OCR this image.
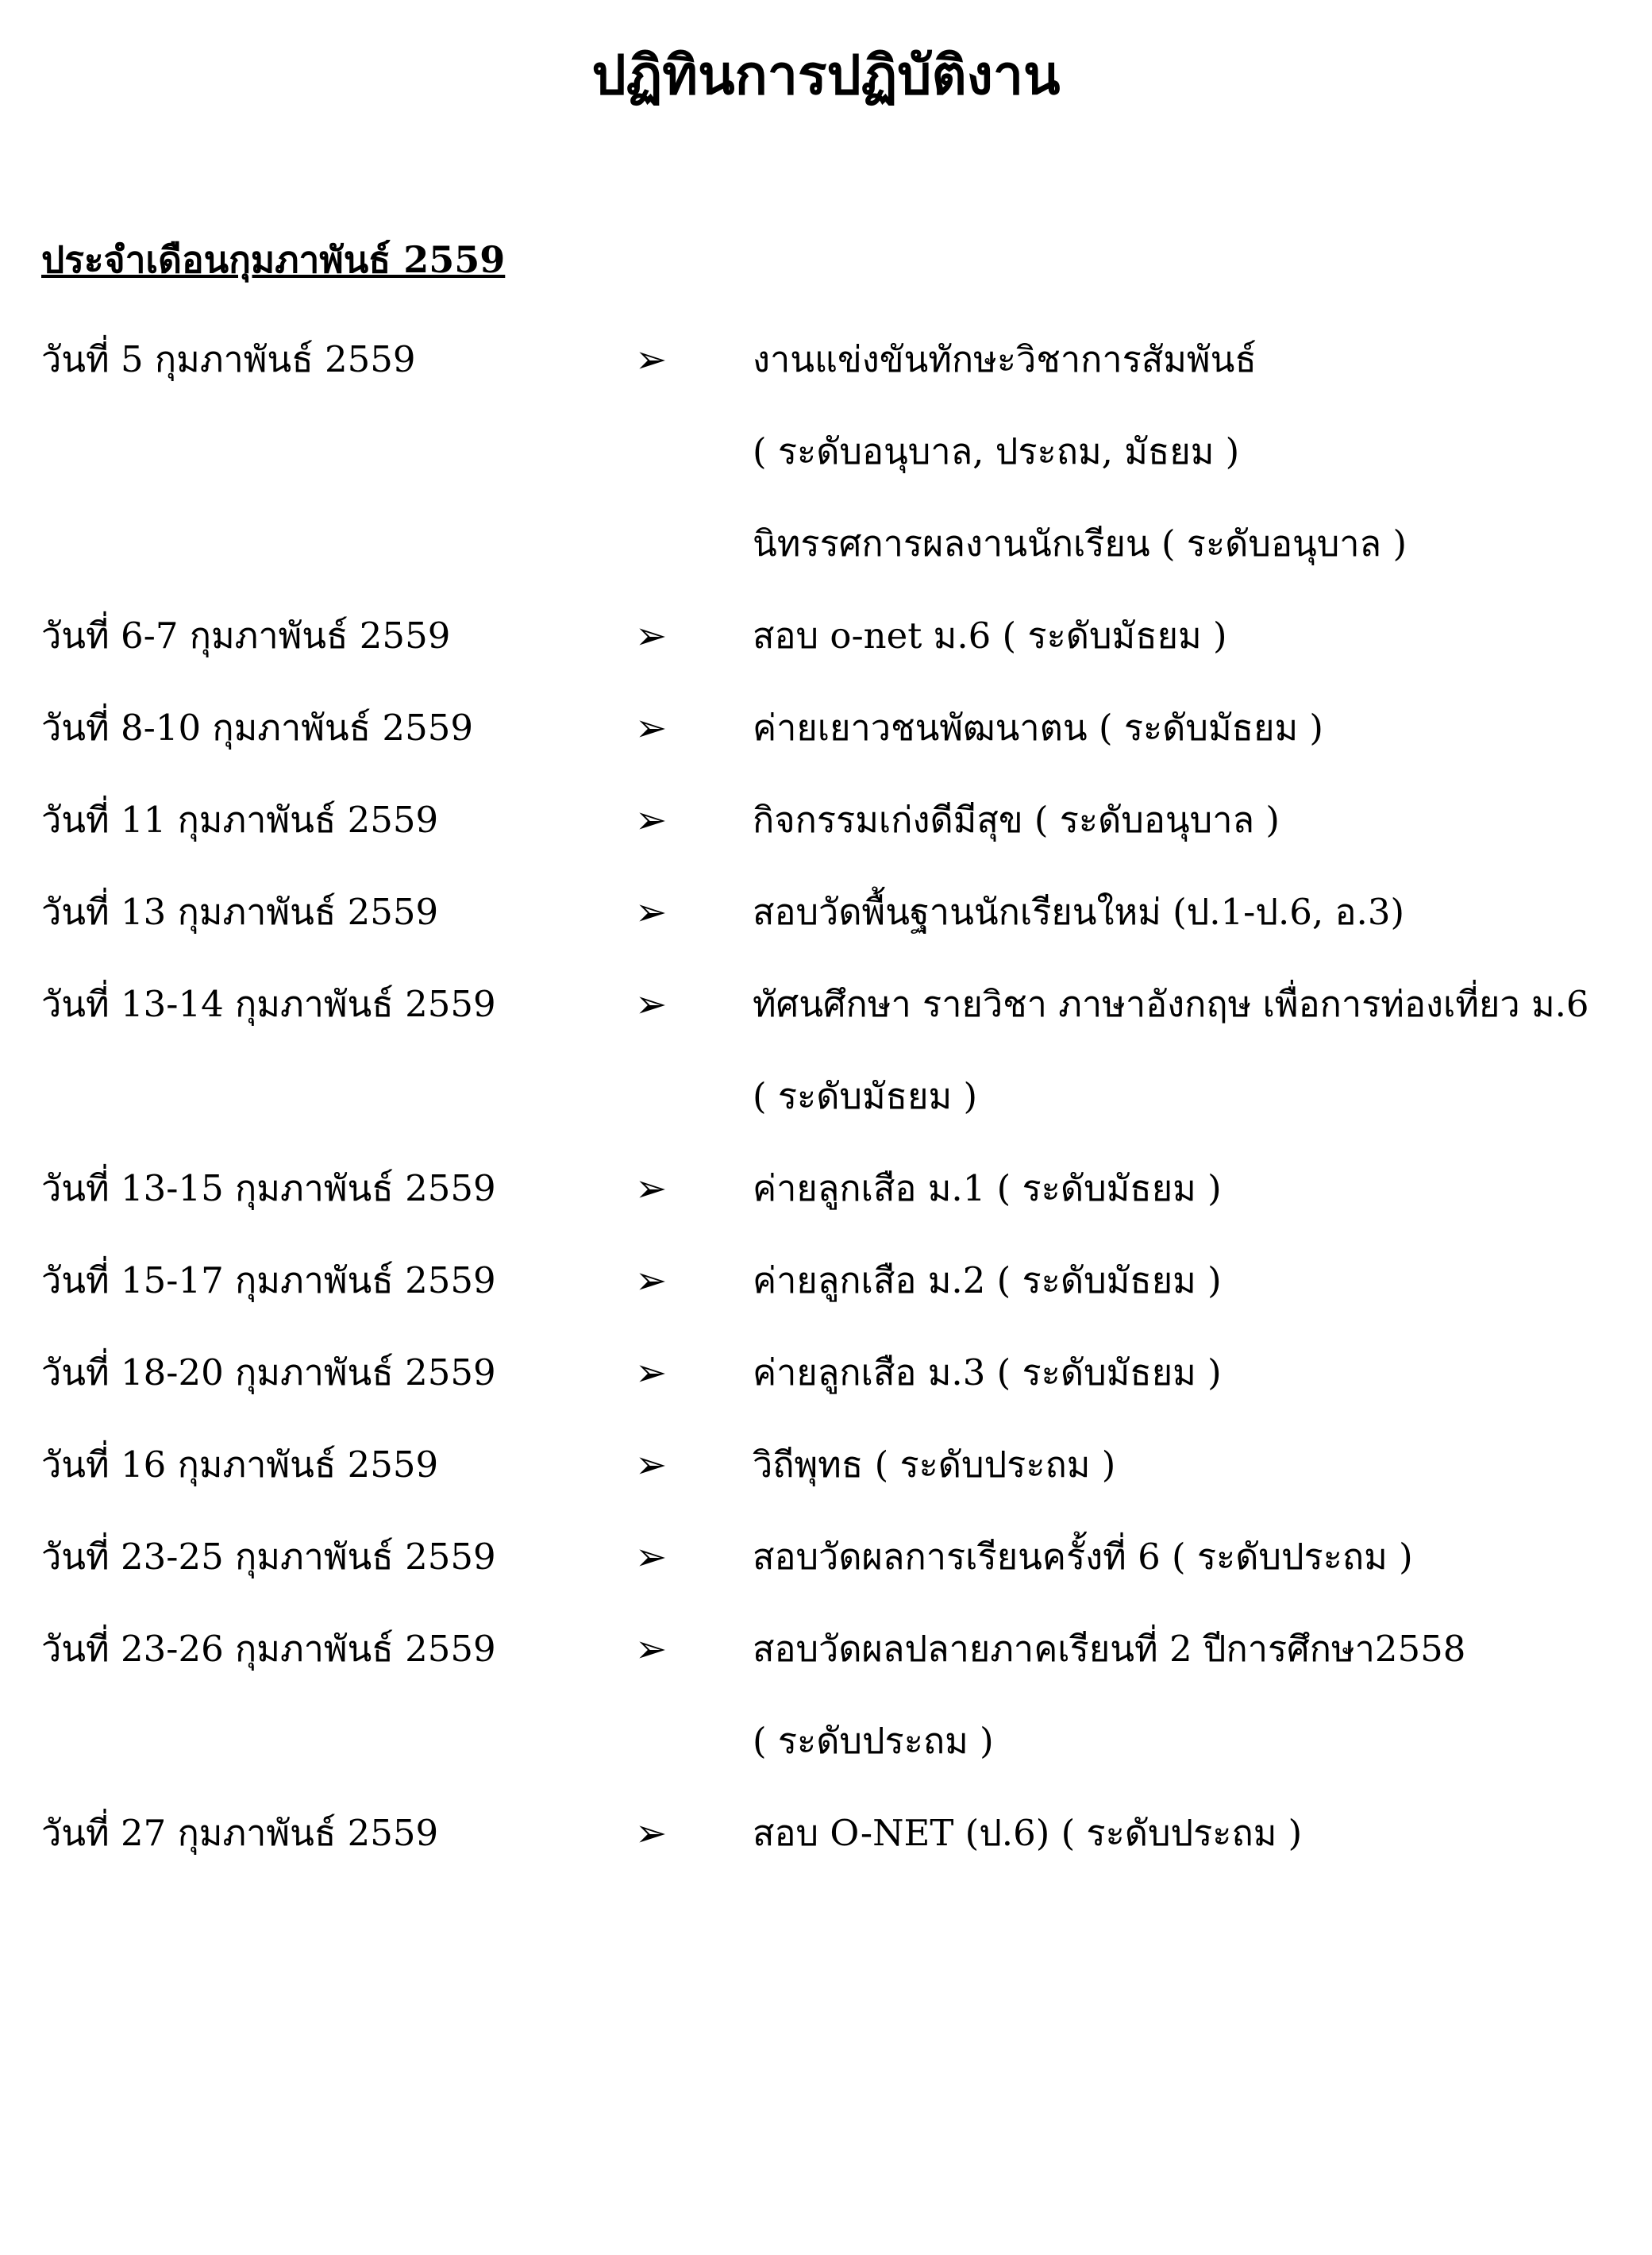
ปฏิทินการปฏิบัติงาน
ประจำเดือนกุมภาพันธ์ 2559
วันที่ 5 กุมภาพันธ์ 2559	➢ งานแข่งขันทักษะวิชาการสัมพันธ์
( ระดับอนุบาล, ประถม, มัธยม )
นิทรรศการผลงานนักเรียน ( ระดับอนุบาล )
วันที่ 6-7 กุมภาพันธ์ 2559	➢ สอบ o-net ม.6 ( ระดับมัธยม )
วันที่ 8-10 กุมภาพันธ์ 2559	➢ ค่ายเยาวชนพัฒนาตน ( ระดับมัธยม )
วันที่ 11 กุมภาพันธ์ 2559	➢ กิจกรรมเก่งดีมีสุข ( ระดับอนุบาล )
วันที่ 13 กุมภาพันธ์ 2559	➢ สอบวัดพื้นฐานนักเรียนใหม่ (ป.1-ป.6, อ.3)
วันที่ 13-14 กุมภาพันธ์ 2559	➢ ทัศนศึกษา รายวิชา ภาษาอังกฤษ เพื่อการท่องเที่ยว ม.6
( ระดับมัธยม )
วันที่ 13-15 กุมภาพันธ์ 2559	➢ ค่ายลูกเสือ ม.1 ( ระดับมัธยม )
วันที่ 15-17 กุมภาพันธ์ 2559	➢ ค่ายลูกเสือ ม.2 ( ระดับมัธยม )
วันที่ 18-20 กุมภาพันธ์ 2559	➢ ค่ายลูกเสือ ม.3 ( ระดับมัธยม )
วันที่ 16 กุมภาพันธ์ 2559	➢ วิถีพุทธ ( ระดับประถม )
วันที่ 23-25 กุมภาพันธ์ 2559	➢ สอบวัดผลการเรียนครั้งที่ 6 ( ระดับประถม )
วันที่ 23-26 กุมภาพันธ์ 2559	➢ สอบวัดผลปลายภาคเรียนที่ 2 ปีการศึกษา2558
( ระดับประถม )
วันที่ 27 กุมภาพันธ์ 2559	➢ สอบ O-NET (ป.6) ( ระดับประถม )
